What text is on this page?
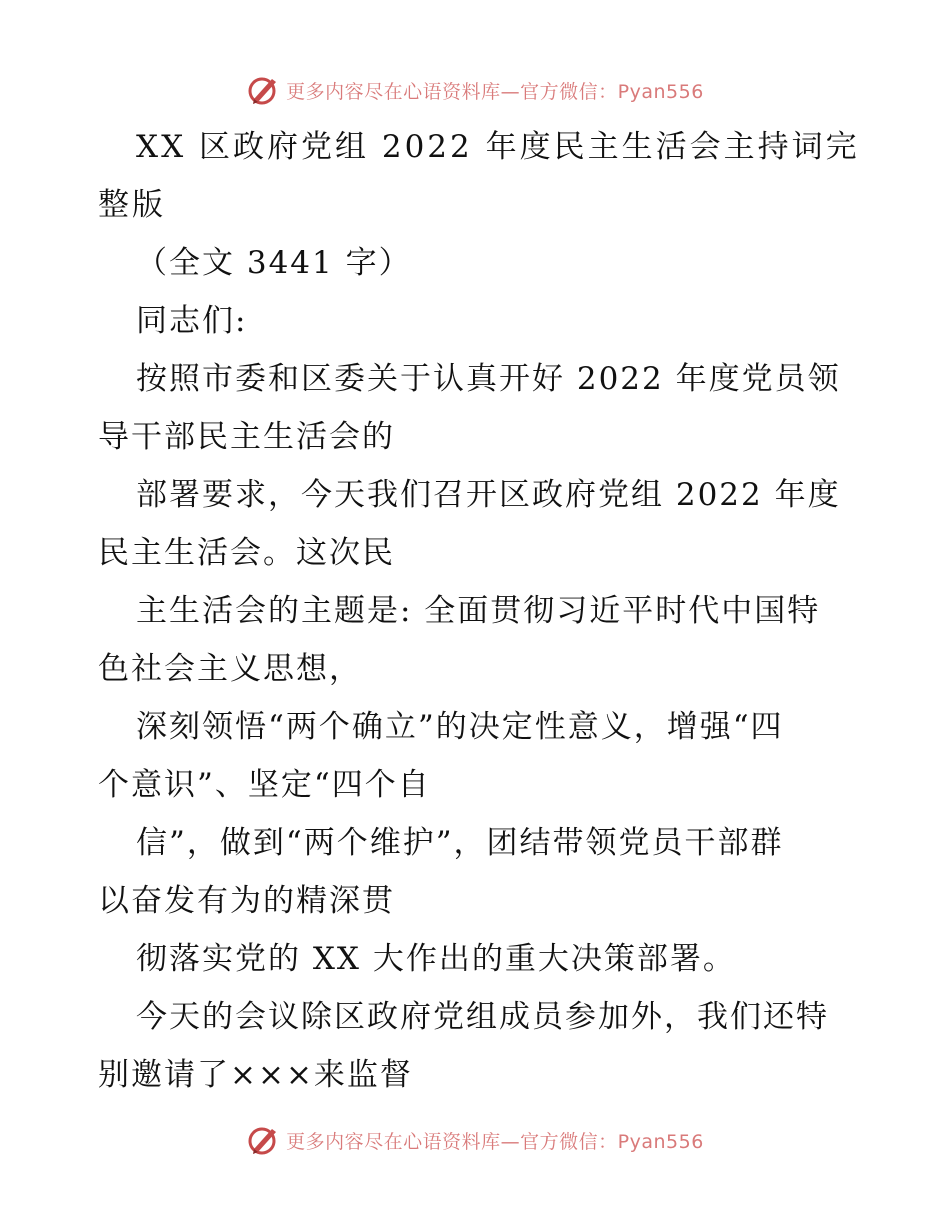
更多内容尽在心语资料库—官方微信：Pyan556
XX 区政府党组 2022 年度民主生活会主持词完
整版
（全文 3441 字）
同志们:
按照市委和区委关于认真开好 2022 年度党员领
导干部民主生活会的
部署要求，今天我们召开区政府党组 2022 年度
民主生活会。这次民
主生活会的主题是: 全面贯彻习近平时代中国特
色社会主义思想，
深刻领悟“两个确立”的决定性意义，增强“四
个意识”、坚定“四个自
信”，做到“两个维护”，团结带领党员干部群
以奋发有为的精深贯
彻落实党的 XX 大作出的重大决策部署。
今天的会议除区政府党组成员参加外，我们还特
别邀请了×××来监督
更多内容尽在心语资料库—官方微信：Pyan556
